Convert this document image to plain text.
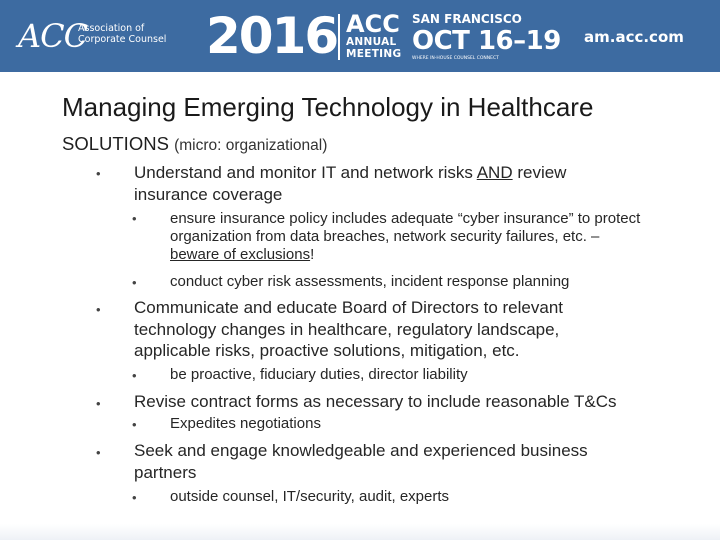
ACC
Association of
Corporate Counsel 2016 ACC
ANNUAL
MEETING
SAN FRANCISCO
OCT 16–19
WHERE IN-HOUSE COUNSEL CONNECT
am.acc.com
Managing Emerging Technology in Healthcare
SOLUTIONS (micro: organizational)
• Understand and monitor IT and network risks AND review insurance coverage
• ensure insurance policy includes adequate “cyber insurance” to protect organization from data breaches, network security failures, etc. – beware of exclusions!
• conduct cyber risk assessments, incident response planning
• Communicate and educate Board of Directors to relevant technology changes in healthcare, regulatory landscape, applicable risks, proactive solutions, mitigation, etc.
• be proactive, fiduciary duties, director liability
• Revise contract forms as necessary to include reasonable T&Cs
• Expedites negotiations
• Seek and engage knowledgeable and experienced business partners
• outside counsel, IT/security, audit, experts
